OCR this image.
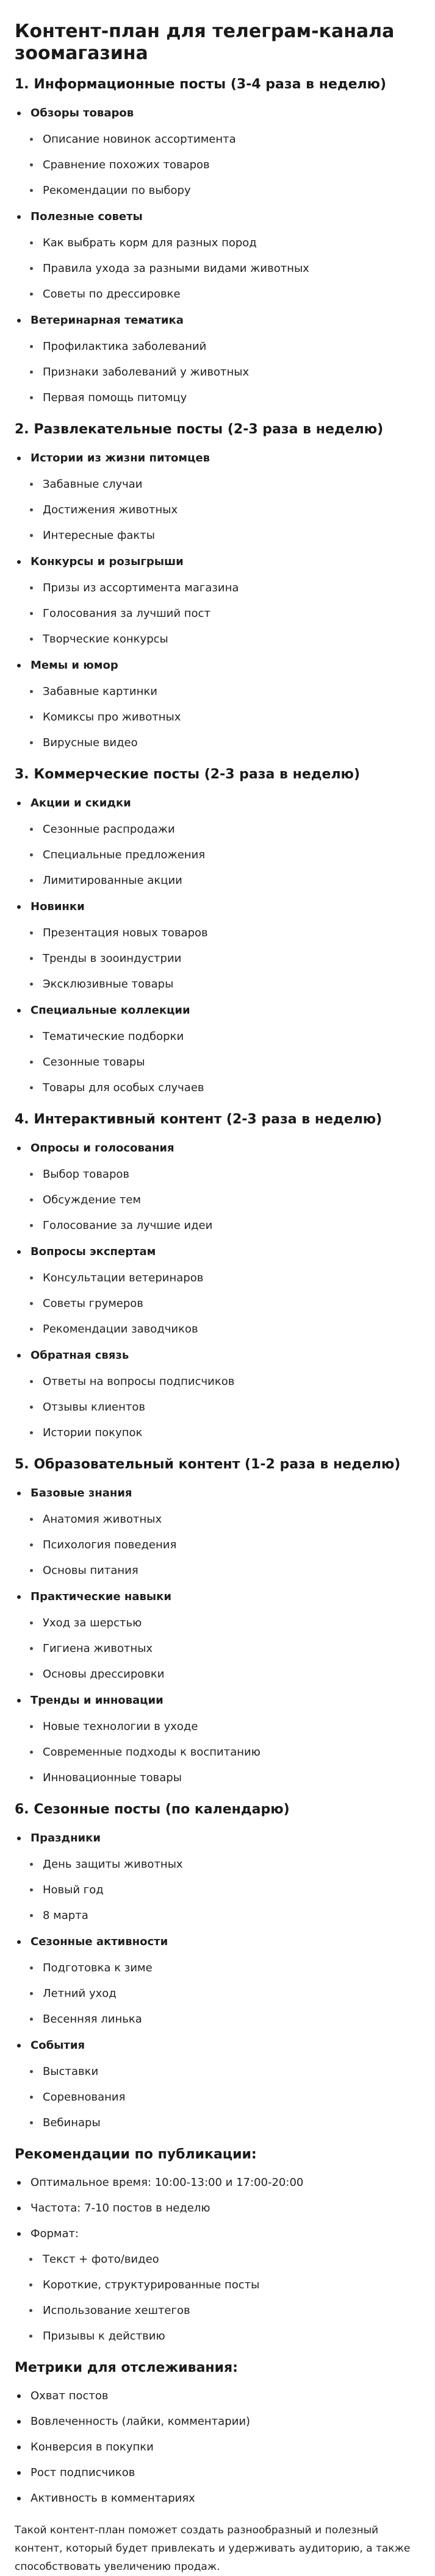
Контент-план для телеграм-канала зоомагазина
1. Информационные посты (3-4 раза в неделю)
Обзоры товаров
Описание новинок ассортимента
Сравнение похожих товаров
Рекомендации по выбору
Полезные советы
Как выбрать корм для разных пород
Правила ухода за разными видами животных
Советы по дрессировке
Ветеринарная тематика
Профилактика заболеваний
Признаки заболеваний у животных
Первая помощь питомцу
2. Развлекательные посты (2-3 раза в неделю)
Истории из жизни питомцев
Забавные случаи
Достижения животных
Интересные факты
Конкурсы и розыгрыши
Призы из ассортимента магазина
Голосования за лучший пост
Творческие конкурсы
Мемы и юмор
Забавные картинки
Комиксы про животных
Вирусные видео
3. Коммерческие посты (2-3 раза в неделю)
Акции и скидки
Сезонные распродажи
Специальные предложения
Лимитированные акции
Новинки
Презентация новых товаров
Тренды в зооиндустрии
Эксклюзивные товары
Специальные коллекции
Тематические подборки
Сезонные товары
Товары для особых случаев
4. Интерактивный контент (2-3 раза в неделю)
Опросы и голосования
Выбор товаров
Обсуждение тем
Голосование за лучшие идеи
Вопросы экспертам
Консультации ветеринаров
Советы грумеров
Рекомендации заводчиков
Обратная связь
Ответы на вопросы подписчиков
Отзывы клиентов
Истории покупок
5. Образовательный контент (1-2 раза в неделю)
Базовые знания
Анатомия животных
Психология поведения
Основы питания
Практические навыки
Уход за шерстью
Гигиена животных
Основы дрессировки
Тренды и инновации
Новые технологии в уходе
Современные подходы к воспитанию
Инновационные товары
6. Сезонные посты (по календарю)
Праздники
День защиты животных
Новый год
8 марта
Сезонные активности
Подготовка к зиме
Летний уход
Весенняя линька
События
Выставки
Соревнования
Вебинары
Рекомендации по публикации:
Оптимальное время: 10:00-13:00 и 17:00-20:00
Частота: 7-10 постов в неделю
Формат:
Текст + фото/видео
Короткие, структурированные посты
Использование хештегов
Призывы к действию
Метрики для отслеживания:
Охват постов
Вовлеченность (лайки, комментарии)
Конверсия в покупки
Рост подписчиков
Активность в комментариях

Такой контент-план поможет создать разнообразный и полезный контент, который будет привлекать и удерживать аудиторию, а также способствовать увеличению продаж.
